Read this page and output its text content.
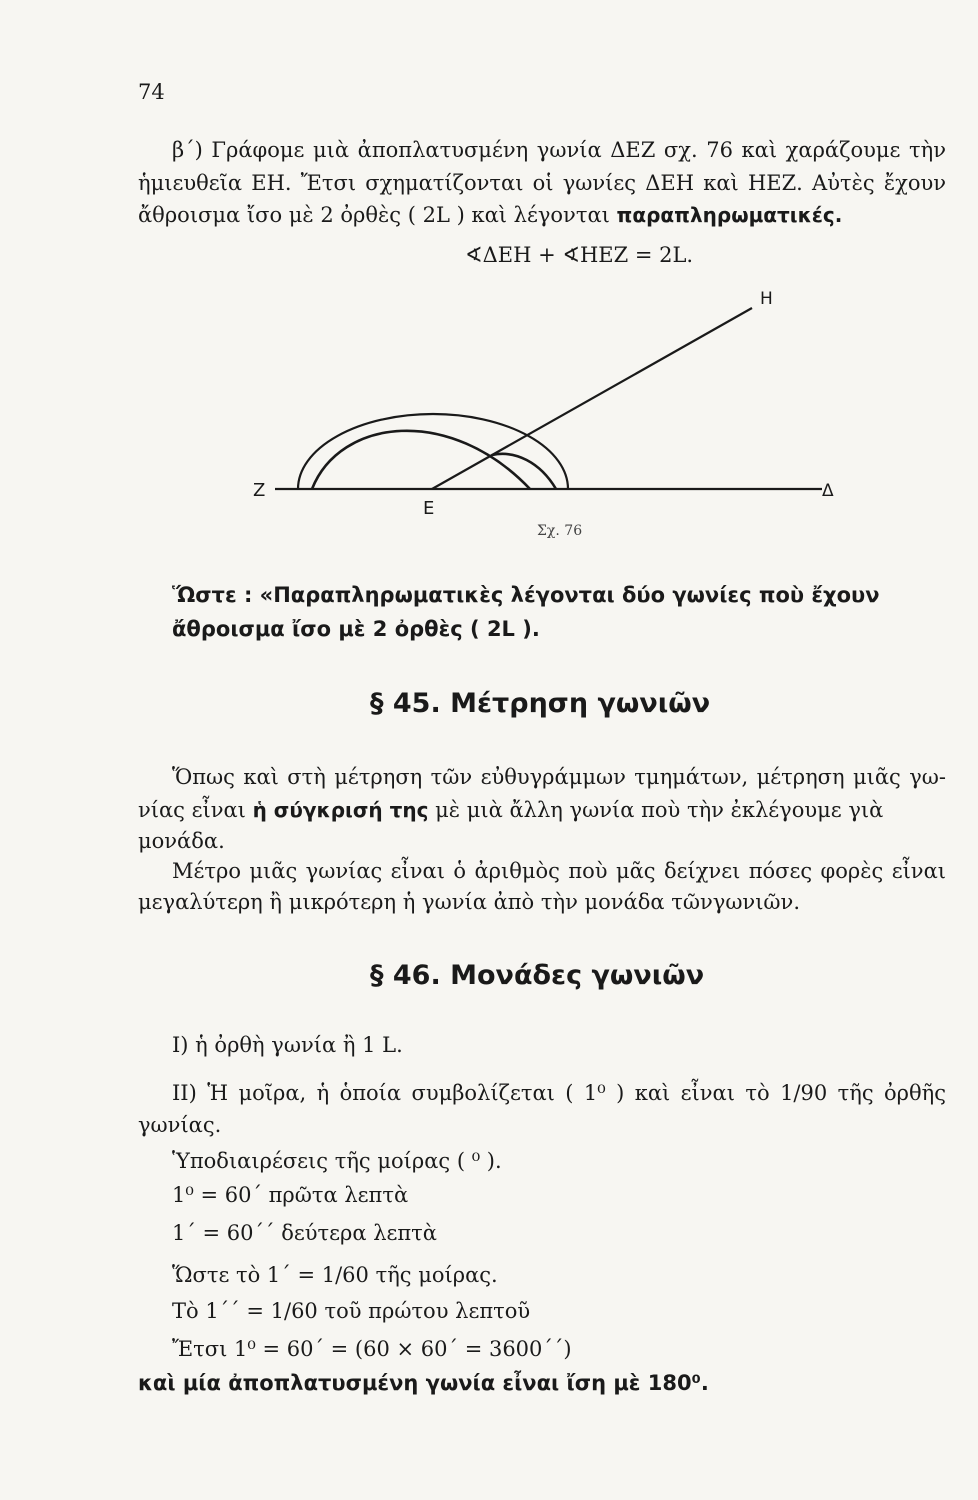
74
β΄) Γράφομε μιὰ ἀποπλατυσμένη γωνία ΔΕΖ σχ. 76 καὶ χαράζουμε τὴν
ἡμιευθεῖα ΕΗ. Ἔτσι σχηματίζονται οἱ γωνίες ΔΕΗ καὶ ΗΕΖ. Αὐτὲς ἔχουν
ἄθροισμα ἴσο μὲ 2 ὀρθὲς ( 2L ) καὶ λέγονται παραπληρωματικές.
∢ΔΕΗ + ∢ΗΕΖ = 2L.
Ζ
Ε
Δ
Η
Σχ. 76
Ὥστε : «Παραπληρωματικὲς λέγονται δύο γωνίες ποὺ ἔχουν
ἄθροισμα ἴσο μὲ 2 ὀρθὲς ( 2L ).
§ 45. Μέτρηση γωνιῶν
Ὅπως καὶ στὴ μέτρηση τῶν εὐθυγράμμων τμημάτων, μέτρηση μιᾶς γω-
νίας εἶναι ἡ σύγκρισή της μὲ μιὰ ἄλλη γωνία ποὺ τὴν ἐκλέγουμε γιὰ
μονάδα.
Μέτρο μιᾶς γωνίας εἶναι ὁ ἀριθμὸς ποὺ μᾶς δείχνει πόσες φορὲς εἶναι
μεγαλύτερη ἢ μικρότερη ἡ γωνία ἀπὸ τὴν μονάδα τῶνγωνιῶν.
§ 46. Μονάδες γωνιῶν
I) ἡ ὀρθὴ γωνία ἢ 1 L.
II) Ἡ μοῖρα, ἡ ὁποία συμβολίζεται ( 1⁰ ) καὶ εἶναι τὸ 1/90 τῆς ὀρθῆς
γωνίας.
Ὑποδιαιρέσεις τῆς μοίρας ( ⁰ ).
1⁰ = 60΄ πρῶτα λεπτὰ
1΄ = 60΄΄ δεύτερα λεπτὰ
Ὥστε τὸ 1΄ = 1/60 τῆς μοίρας.
Τὸ 1΄΄ = 1/60 τοῦ πρώτου λεπτοῦ
Ἔτσι 1⁰ = 60΄ = (60 × 60΄ = 3600΄΄)
καὶ μία ἀποπλατυσμένη γωνία εἶναι ἴση μὲ 180⁰.
